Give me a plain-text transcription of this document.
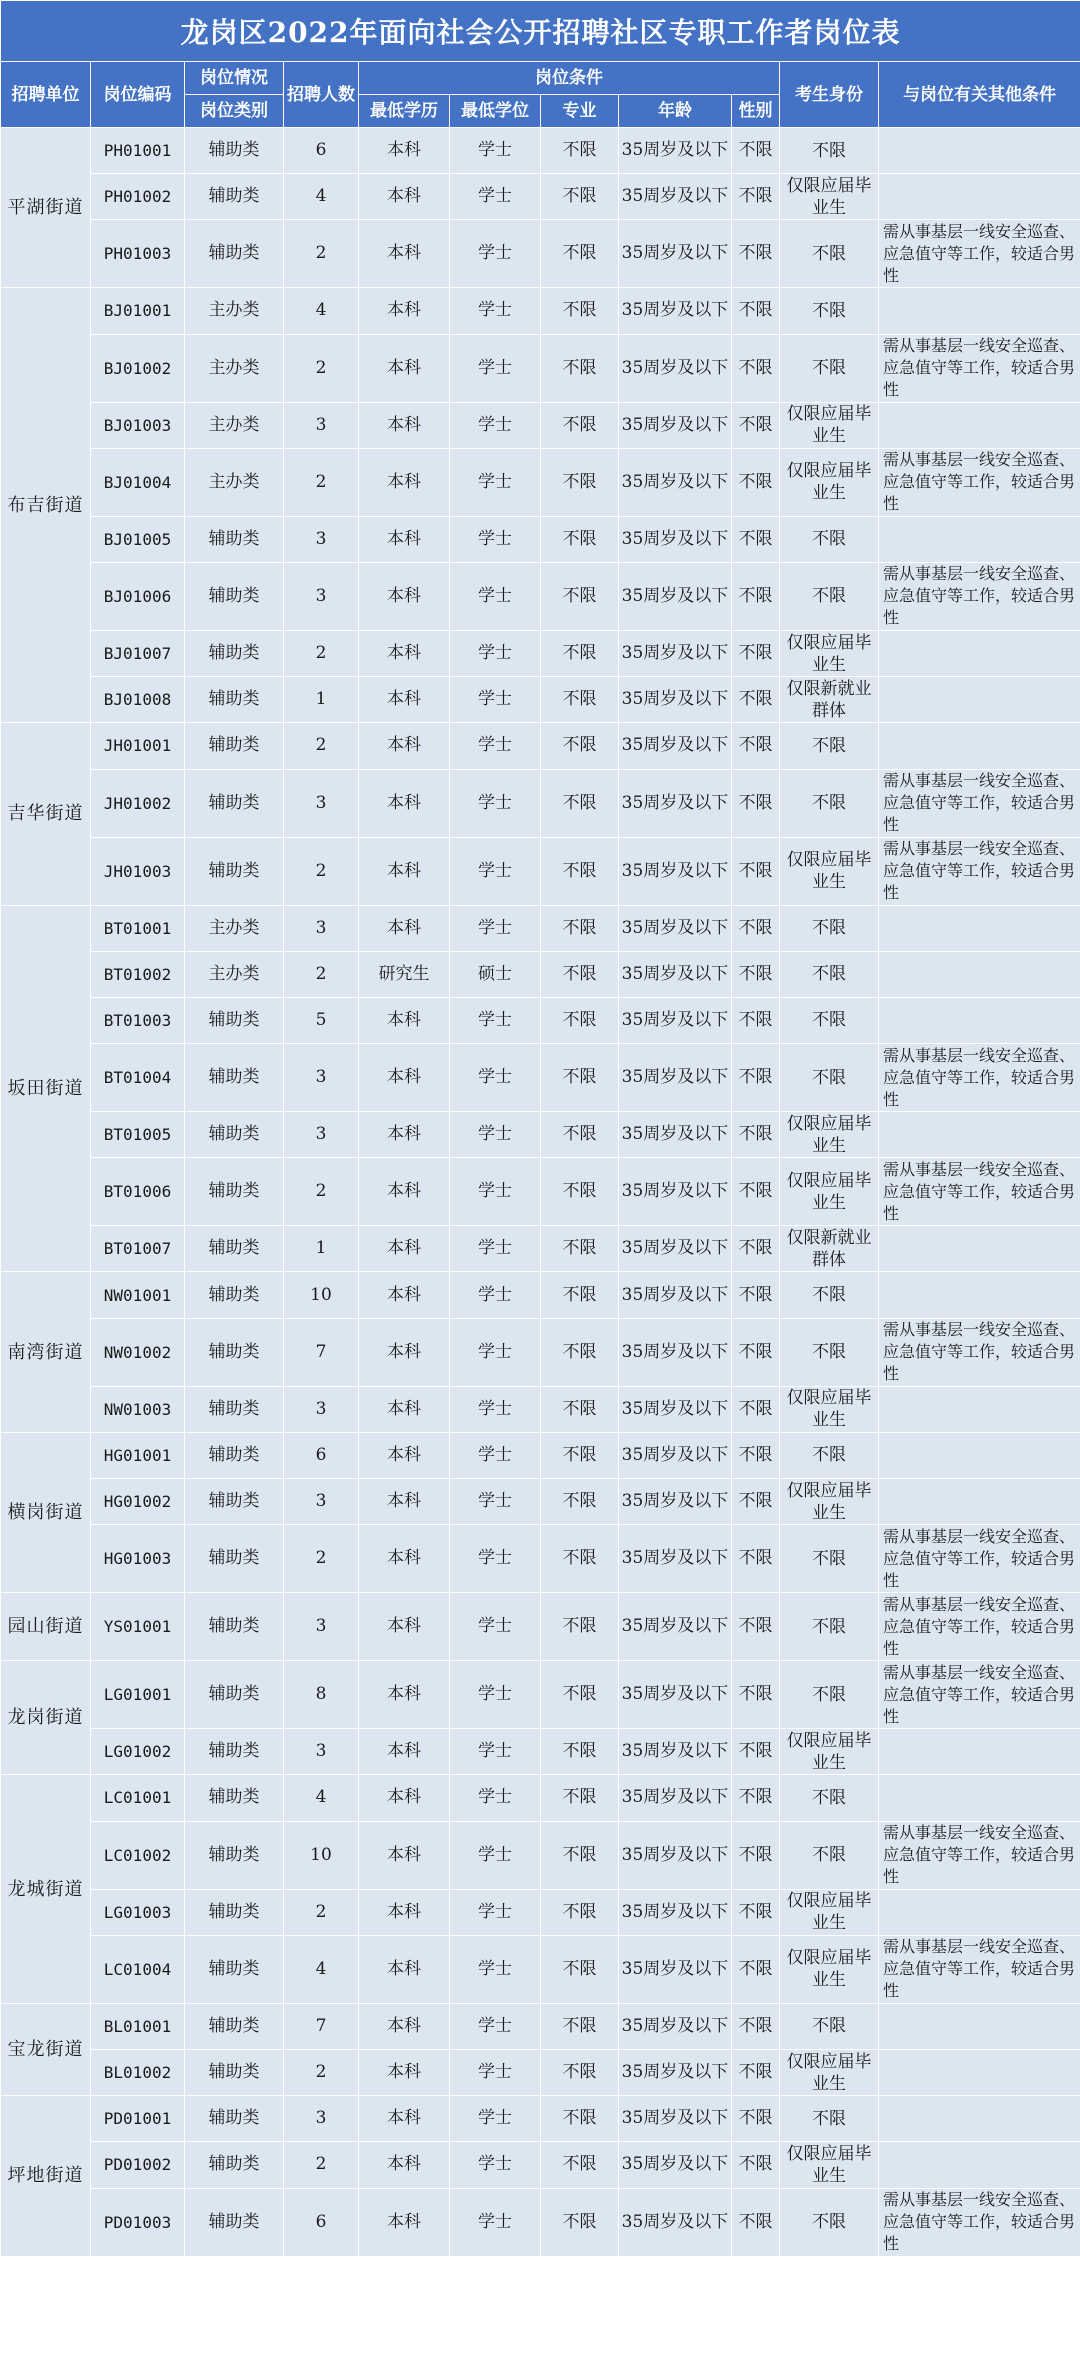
龙岗区2022年面向社会公开招聘社区专职工作者岗位表										
招聘单位	岗位编码	岗位情况	招聘人数	岗位条件					考生身份	与岗位有关其他条件
		岗位类别		最低学历	最低学位	专业	年龄	性别		
平湖街道	PH01001	辅助类	6	本科	学士	不限	35周岁及以下	不限	不限	
	PH01002	辅助类	4	本科	学士	不限	35周岁及以下	不限	仅限应届毕业生	
	PH01003	辅助类	2	本科	学士	不限	35周岁及以下	不限	不限	需从事基层一线安全巡查、应急值守等工作，较适合男性
布吉街道	BJ01001	主办类	4	本科	学士	不限	35周岁及以下	不限	不限	
	BJ01002	主办类	2	本科	学士	不限	35周岁及以下	不限	不限	需从事基层一线安全巡查、应急值守等工作，较适合男性
	BJ01003	主办类	3	本科	学士	不限	35周岁及以下	不限	仅限应届毕业生	
	BJ01004	主办类	2	本科	学士	不限	35周岁及以下	不限	仅限应届毕业生	需从事基层一线安全巡查、应急值守等工作，较适合男性
	BJ01005	辅助类	3	本科	学士	不限	35周岁及以下	不限	不限	
	BJ01006	辅助类	3	本科	学士	不限	35周岁及以下	不限	不限	需从事基层一线安全巡查、应急值守等工作，较适合男性
	BJ01007	辅助类	2	本科	学士	不限	35周岁及以下	不限	仅限应届毕业生	
	BJ01008	辅助类	1	本科	学士	不限	35周岁及以下	不限	仅限新就业群体	
吉华街道	JH01001	辅助类	2	本科	学士	不限	35周岁及以下	不限	不限	
	JH01002	辅助类	3	本科	学士	不限	35周岁及以下	不限	不限	需从事基层一线安全巡查、应急值守等工作，较适合男性
	JH01003	辅助类	2	本科	学士	不限	35周岁及以下	不限	仅限应届毕业生	需从事基层一线安全巡查、应急值守等工作，较适合男性
坂田街道	BT01001	主办类	3	本科	学士	不限	35周岁及以下	不限	不限	
	BT01002	主办类	2	研究生	硕士	不限	35周岁及以下	不限	不限	
	BT01003	辅助类	5	本科	学士	不限	35周岁及以下	不限	不限	
	BT01004	辅助类	3	本科	学士	不限	35周岁及以下	不限	不限	需从事基层一线安全巡查、应急值守等工作，较适合男性
	BT01005	辅助类	3	本科	学士	不限	35周岁及以下	不限	仅限应届毕业生	
	BT01006	辅助类	2	本科	学士	不限	35周岁及以下	不限	仅限应届毕业生	需从事基层一线安全巡查、应急值守等工作，较适合男性
	BT01007	辅助类	1	本科	学士	不限	35周岁及以下	不限	仅限新就业群体	
南湾街道	NW01001	辅助类	10	本科	学士	不限	35周岁及以下	不限	不限	
	NW01002	辅助类	7	本科	学士	不限	35周岁及以下	不限	不限	需从事基层一线安全巡查、应急值守等工作，较适合男性
	NW01003	辅助类	3	本科	学士	不限	35周岁及以下	不限	仅限应届毕业生	
横岗街道	HG01001	辅助类	6	本科	学士	不限	35周岁及以下	不限	不限	
	HG01002	辅助类	3	本科	学士	不限	35周岁及以下	不限	仅限应届毕业生	
	HG01003	辅助类	2	本科	学士	不限	35周岁及以下	不限	不限	需从事基层一线安全巡查、应急值守等工作，较适合男性
园山街道	YS01001	辅助类	3	本科	学士	不限	35周岁及以下	不限	不限	需从事基层一线安全巡查、应急值守等工作，较适合男性
龙岗街道	LG01001	辅助类	8	本科	学士	不限	35周岁及以下	不限	不限	需从事基层一线安全巡查、应急值守等工作，较适合男性
	LG01002	辅助类	3	本科	学士	不限	35周岁及以下	不限	仅限应届毕业生	
龙城街道	LC01001	辅助类	4	本科	学士	不限	35周岁及以下	不限	不限	
	LC01002	辅助类	10	本科	学士	不限	35周岁及以下	不限	不限	需从事基层一线安全巡查、应急值守等工作，较适合男性
	LG01003	辅助类	2	本科	学士	不限	35周岁及以下	不限	仅限应届毕业生	
	LC01004	辅助类	4	本科	学士	不限	35周岁及以下	不限	仅限应届毕业生	需从事基层一线安全巡查、应急值守等工作，较适合男性
宝龙街道	BL01001	辅助类	7	本科	学士	不限	35周岁及以下	不限	不限	
	BL01002	辅助类	2	本科	学士	不限	35周岁及以下	不限	仅限应届毕业生	
坪地街道	PD01001	辅助类	3	本科	学士	不限	35周岁及以下	不限	不限	
	PD01002	辅助类	2	本科	学士	不限	35周岁及以下	不限	仅限应届毕业生	
	PD01003	辅助类	6	本科	学士	不限	35周岁及以下	不限	不限	需从事基层一线安全巡查、应急值守等工作，较适合男性
